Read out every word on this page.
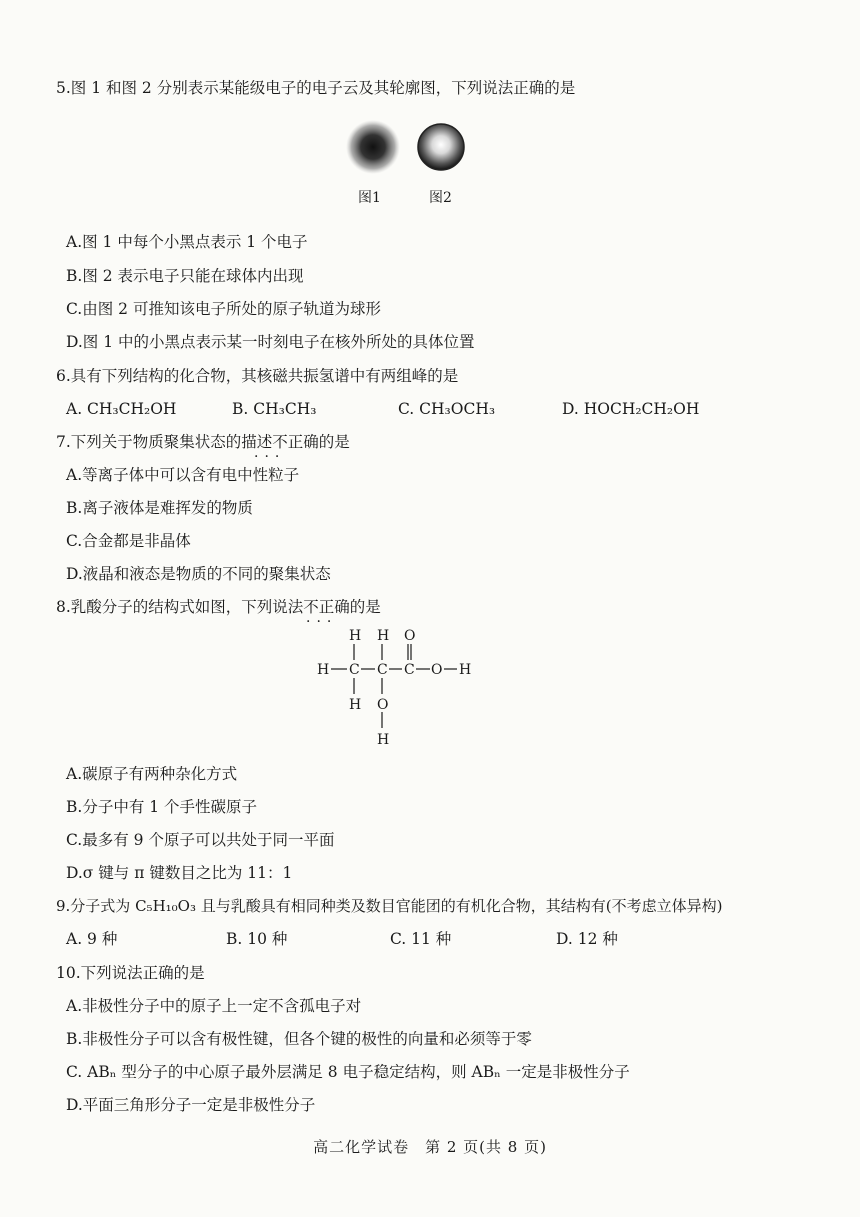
5.图 1 和图 2 分别表示某能级电子的电子云及其轮廓图，下列说法正确的是
图1	图2
A.图 1 中每个小黑点表示 1 个电子
B.图 2 表示电子只能在球体内出现
C.由图 2 可推知该电子所处的原子轨道为球形
D.图 1 中的小黑点表示某一时刻电子在核外所处的具体位置
6.具有下列结构的化合物，其核磁共振氢谱中有两组峰的是
A. CH₃CH₂OH	B. CH₃CH₃	C. CH₃OCH₃	D. HOCH₂CH₂OH
7.下列关于物质聚集状态的描述不正确的是
···
A.等离子体中可以含有电中性粒子
B.离子液体是难挥发的物质
C.合金都是非晶体
D.液晶和液态是物质的不同的聚集状态
8.乳酸分子的结构式如图，下列说法不正确的是
···
H H O
H C C C O H
H O
H
A.碳原子有两种杂化方式
B.分子中有 1 个手性碳原子
C.最多有 9 个原子可以共处于同一平面
D.σ 键与 π 键数目之比为 11：1
9.分子式为 C₅H₁₀O₃ 且与乳酸具有相同种类及数目官能团的有机化合物，其结构有(不考虑立体异构)
A. 9 种	B. 10 种	C. 11 种	D. 12 种
10.下列说法正确的是
A.非极性分子中的原子上一定不含孤电子对
B.非极性分子可以含有极性键，但各个键的极性的向量和必须等于零
C. ABₙ 型分子的中心原子最外层满足 8 电子稳定结构，则 ABₙ 一定是非极性分子
D.平面三角形分子一定是非极性分子
高二化学试卷　第 2 页(共 8 页)
